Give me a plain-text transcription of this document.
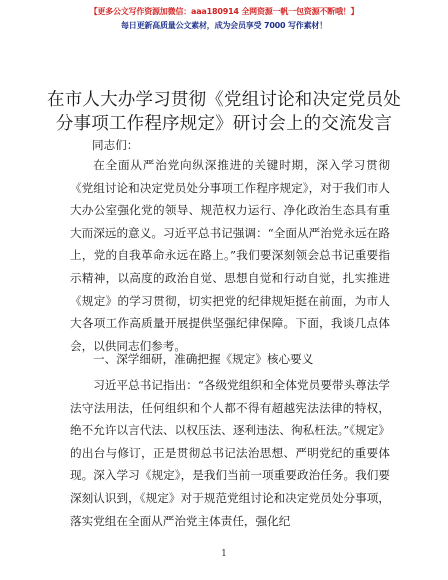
【更多公文写作资源加微信：aaa180914 全网资源一帆一包资源不断哦！】
每日更新高质量公文素材，成为会员享受 7000 写作素材！
在市人大办学习贯彻《党组讨论和决定党员处
分事项工作程序规定》研讨会上的交流发言
同志们：

在全面从严治党向纵深推进的关键时期，深入学习贯彻《党组讨论和决定党员处分事项工作程序规定》，对于我们市人大办公室强化党的领导、规范权力运行、净化政治生态具有重大而深远的意义。习近平总书记强调：“全面从严治党永远在路上，党的自我革命永远在路上。”我们要深刻领会总书记重要指示精神，以高度的政治自觉、思想自觉和行动自觉，扎实推进《规定》的学习贯彻，切实把党的纪律规矩挺在前面，为市人大各项工作高质量开展提供坚强纪律保障。下面，我谈几点体会，以供同志们参考。

一、深学细研，准确把握《规定》核心要义

习近平总书记指出：“各级党组织和全体党员要带头尊法学法守法用法，任何组织和个人都不得有超越宪法法律的特权，绝不允许以言代法、以权压法、逐利违法、徇私枉法。”《规定》的出台与修订，正是贯彻总书记法治思想、严明党纪的重要体现。深入学习《规定》，是我们当前一项重要政治任务。我们要深刻认识到，《规定》对于规范党组讨论和决定党员处分事项，落实党组在全面从严治党主体责任，强化纪

1
